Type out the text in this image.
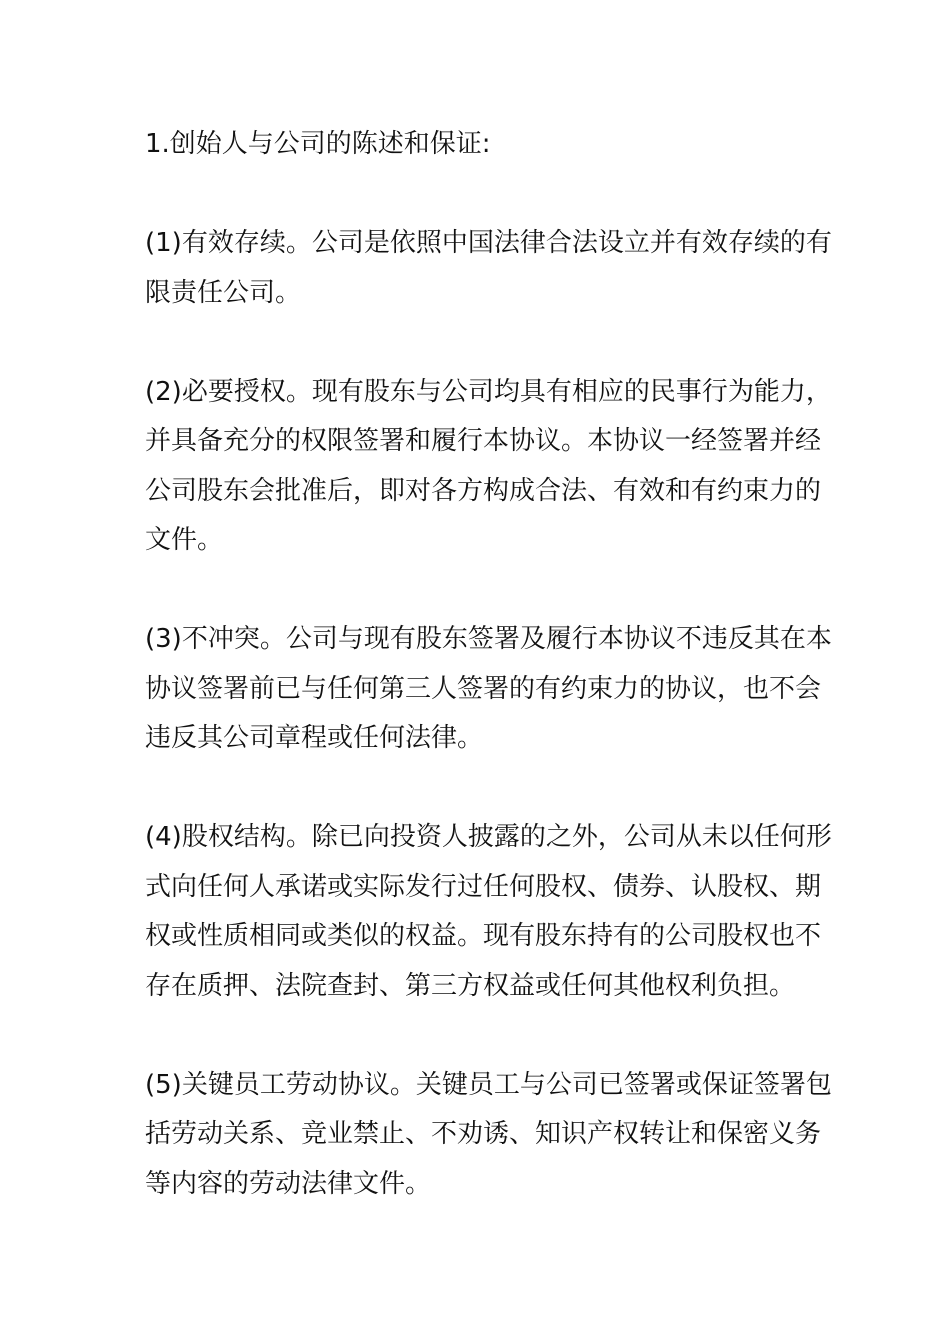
1.创始人与公司的陈述和保证:
(1)有效存续。公司是依照中国法律合法设立并有效存续的有
限责任公司。
(2)必要授权。现有股东与公司均具有相应的民事行为能力，
并具备充分的权限签署和履行本协议。本协议一经签署并经
公司股东会批准后，即对各方构成合法、有效和有约束力的
文件。
(3)不冲突。公司与现有股东签署及履行本协议不违反其在本
协议签署前已与任何第三人签署的有约束力的协议，也不会
违反其公司章程或任何法律。
(4)股权结构。除已向投资人披露的之外，公司从未以任何形
式向任何人承诺或实际发行过任何股权、债券、认股权、期
权或性质相同或类似的权益。现有股东持有的公司股权也不
存在质押、法院查封、第三方权益或任何其他权利负担。
(5)关键员工劳动协议。关键员工与公司已签署或保证签署包
括劳动关系、竞业禁止、不劝诱、知识产权转让和保密义务
等内容的劳动法律文件。
